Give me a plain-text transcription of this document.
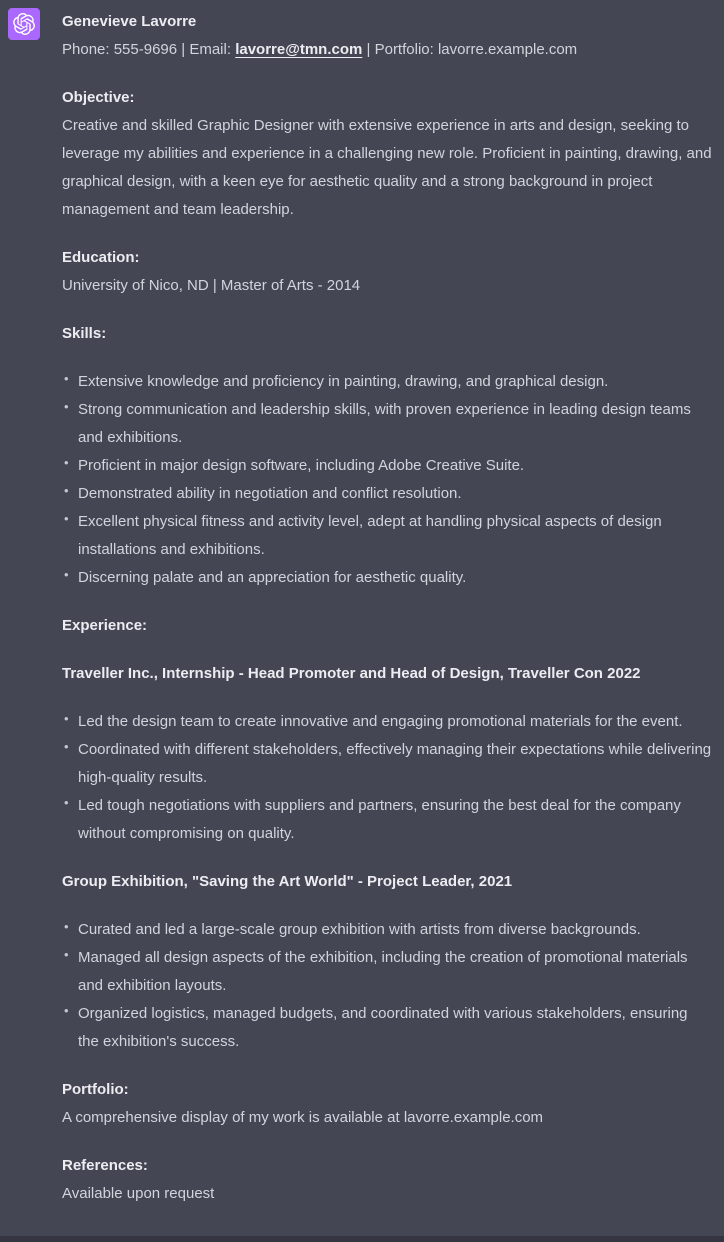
Genevieve Lavorre
Phone: 555-9696 | Email: lavorre@tmn.com | Portfolio: lavorre.example.com

Objective:
Creative and skilled Graphic Designer with extensive experience in arts and design, seeking to leverage my abilities and experience in a challenging new role. Proficient in painting, drawing, and graphical design, with a keen eye for aesthetic quality and a strong background in project management and team leadership.

Education:
University of Nico, ND | Master of Arts - 2014

Skills:

• Extensive knowledge and proficiency in painting, drawing, and graphical design.
• Strong communication and leadership skills, with proven experience in leading design teams and exhibitions.
• Proficient in major design software, including Adobe Creative Suite.
• Demonstrated ability in negotiation and conflict resolution.
• Excellent physical fitness and activity level, adept at handling physical aspects of design installations and exhibitions.
• Discerning palate and an appreciation for aesthetic quality.

Experience:

Traveller Inc., Internship - Head Promoter and Head of Design, Traveller Con 2022

• Led the design team to create innovative and engaging promotional materials for the event.
• Coordinated with different stakeholders, effectively managing their expectations while delivering high-quality results.
• Led tough negotiations with suppliers and partners, ensuring the best deal for the company without compromising on quality.

Group Exhibition, "Saving the Art World" - Project Leader, 2021

• Curated and led a large-scale group exhibition with artists from diverse backgrounds.
• Managed all design aspects of the exhibition, including the creation of promotional materials and exhibition layouts.
• Organized logistics, managed budgets, and coordinated with various stakeholders, ensuring the exhibition's success.

Portfolio:
A comprehensive display of my work is available at lavorre.example.com

References:
Available upon request
